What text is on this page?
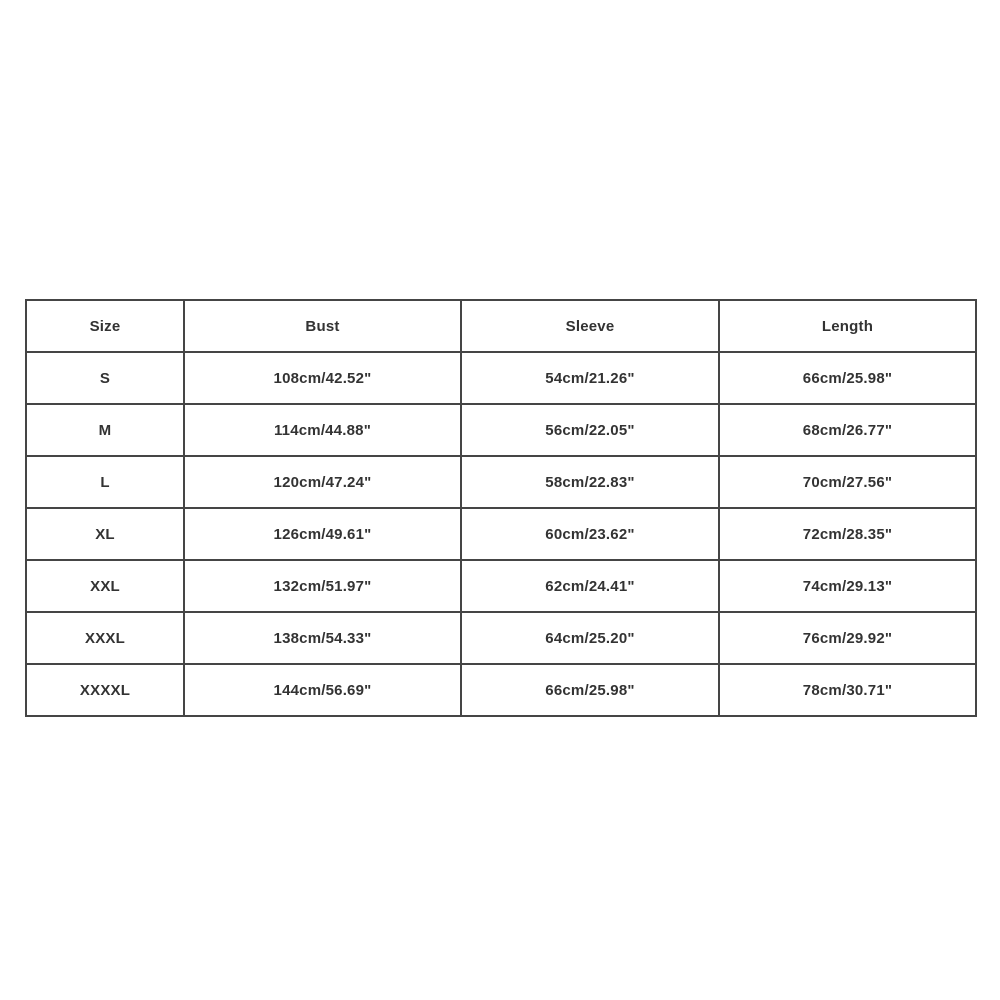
Size	Bust	Sleeve	Length
S	108cm/42.52"	54cm/21.26"	66cm/25.98"
M	114cm/44.88"	56cm/22.05"	68cm/26.77"
L	120cm/47.24"	58cm/22.83"	70cm/27.56"
XL	126cm/49.61"	60cm/23.62"	72cm/28.35"
XXL	132cm/51.97"	62cm/24.41"	74cm/29.13"
XXXL	138cm/54.33"	64cm/25.20"	76cm/29.92"
XXXXL	144cm/56.69"	66cm/25.98"	78cm/30.71"
